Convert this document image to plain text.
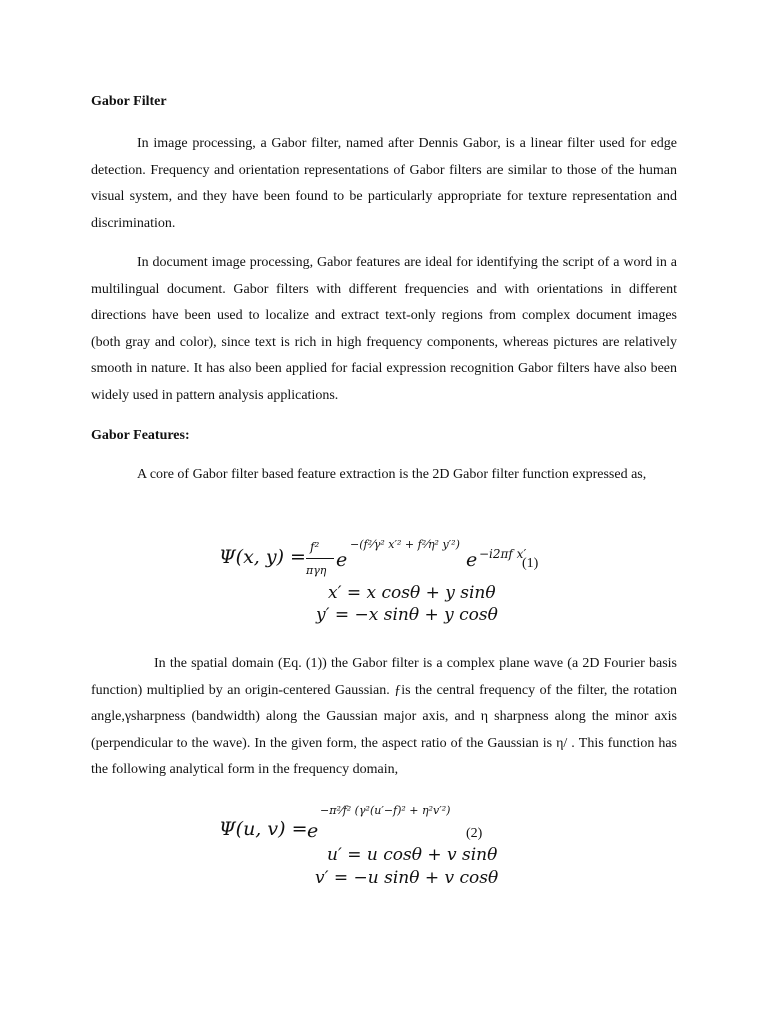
Gabor Filter

In image processing, a Gabor filter, named after Dennis Gabor, is a linear filter used for edge detection. Frequency and orientation representations of Gabor filters are similar to those of the human visual system, and they have been found to be particularly appropriate for texture representation and discrimination.

In document image processing, Gabor features are ideal for identifying the script of a word in a multilingual document. Gabor filters with different frequencies and with orientations in different directions have been used to localize and extract text-only regions from complex document images (both gray and color), since text is rich in high frequency components, whereas pictures are relatively smooth in nature. It has also been applied for facial expression recognition Gabor filters have also been widely used in pattern analysis applications.

Gabor Features:

A core of Gabor filter based feature extraction is the 2D Gabor filter function expressed as,

Ψ(x, y) = f²
πγη e
−(f²⁄γ² x′² + f²⁄η² y′²)
e −i2πf x′
(1)
x′ = x cosθ + y sinθ
y′ = −x sinθ + y cosθ

In the spatial domain (Eq. (1)) the Gabor filter is a complex plane wave (a 2D Fourier basis function) multiplied by an origin-centered Gaussian. ƒis the central frequency of the filter, the rotation angle,γsharpness (bandwidth) along the Gaussian major axis, and η sharpness along the minor axis (perpendicular to the wave). In the given form, the aspect ratio of the Gaussian is η/ . This function has the following analytical form in the frequency domain,

Ψ(u, v) = e
−π²⁄f² (γ²(u′−f)² + η²v′²)
(2)
u′ = u cosθ + v sinθ
v′ = −u sinθ + v cosθ
